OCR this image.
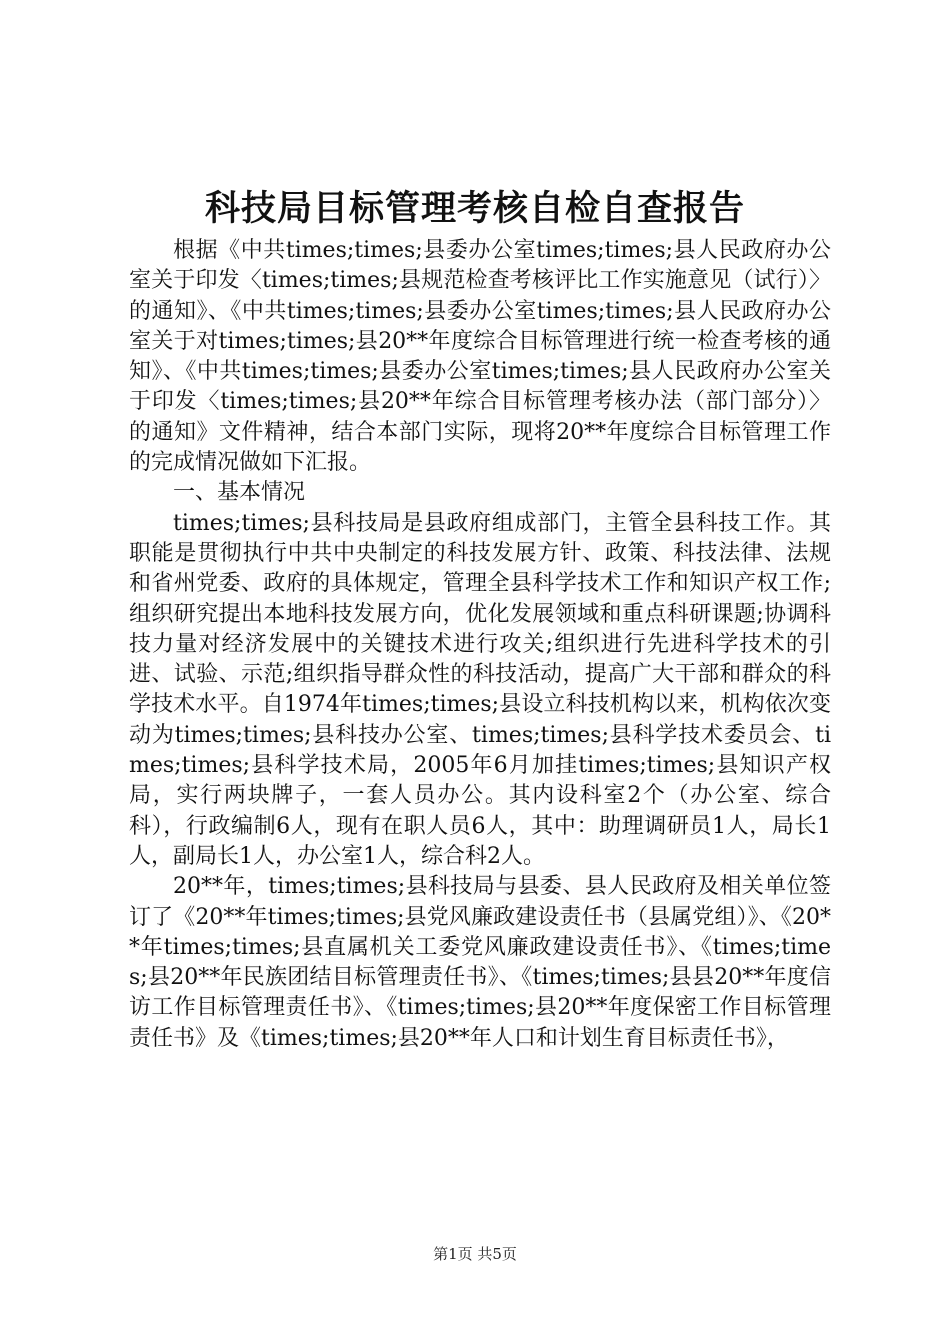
科技局目标管理考核自检自查报告

根据《中共times;times;县委办公室times;times;县人民政府办公室关于印发〈times;times;县规范检查考核评比工作实施意见（试行）〉的通知》、《中共times;times;县委办公室times;times;县人民政府办公室关于对times;times;县20**年度综合目标管理进行统一检查考核的通知》、《中共times;times;县委办公室times;times;县人民政府办公室关于印发〈times;times;县20**年综合目标管理考核办法（部门部分）〉的通知》文件精神，结合本部门实际，现将20**年度综合目标管理工作的完成情况做如下汇报。

一、基本情况

times;times;县科技局是县政府组成部门，主管全县科技工作。其职能是贯彻执行中共中央制定的科技发展方针、政策、科技法律、法规和省州党委、政府的具体规定，管理全县科学技术工作和知识产权工作;组织研究提出本地科技发展方向，优化发展领域和重点科研课题;协调科技力量对经济发展中的关键技术进行攻关;组织进行先进科学技术的引进、试验、示范;组织指导群众性的科技活动，提高广大干部和群众的科学技术水平。自1974年times;times;县设立科技机构以来，机构依次变动为times;times;县科技办公室、times;times;县科学技术委员会、times;times;县科学技术局，2005年6月加挂times;times;县知识产权局，实行两块牌子，一套人员办公。其内设科室2个（办公室、综合科），行政编制6人，现有在职人员6人，其中：助理调研员1人，局长1人，副局长1人，办公室1人，综合科2人。

20**年，times;times;县科技局与县委、县人民政府及相关单位签订了《20**年times;times;县党风廉政建设责任书（县属党组）》、《20**年times;times;县直属机关工委党风廉政建设责任书》、《times;times;县20**年民族团结目标管理责任书》、《times;times;县县20**年度信访工作目标管理责任书》、《times;times;县20**年度保密工作目标管理责任书》及《times;times;县20**年人口和计划生育目标责任书》，

第1页 共5页
